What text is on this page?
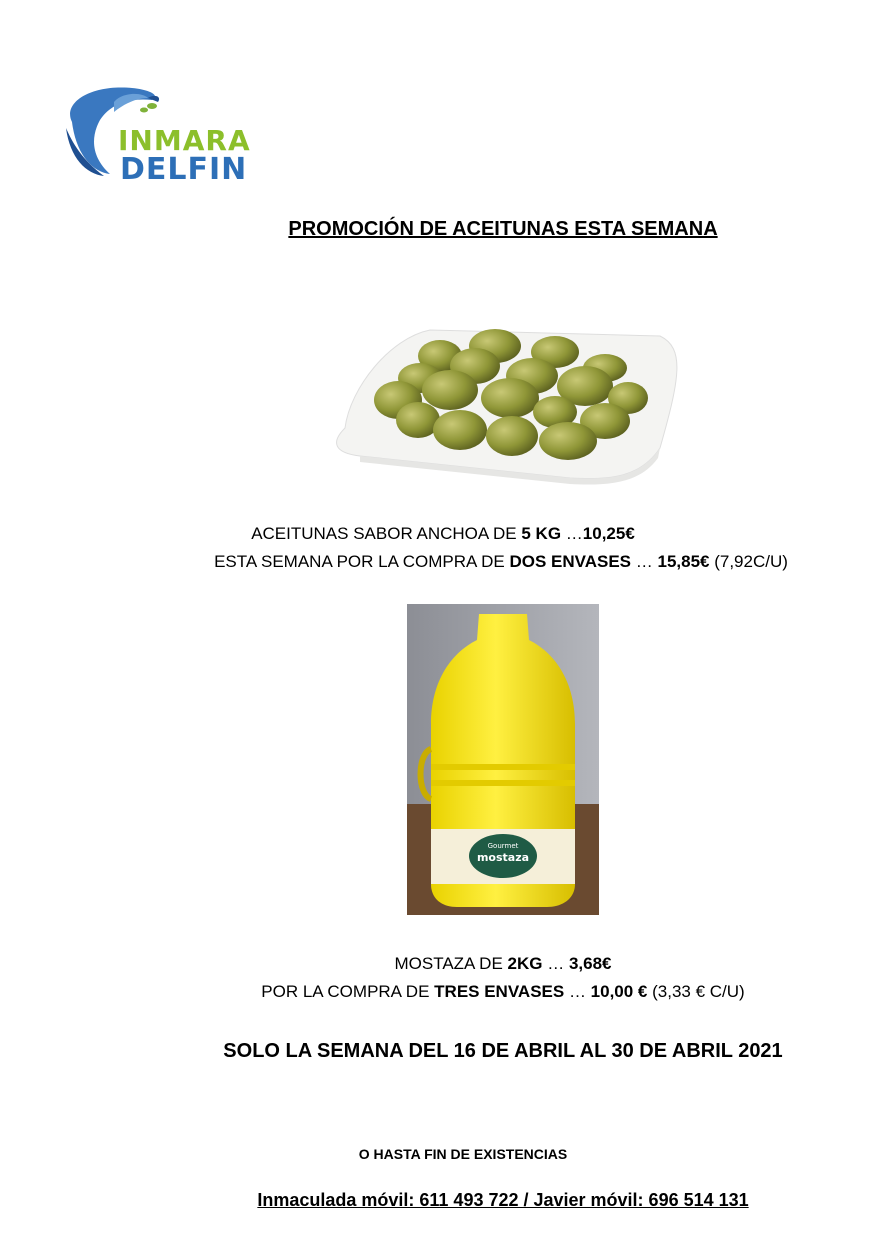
INMARA
DELFIN
PROMOCIÓN DE ACEITUNAS ESTA SEMANA
ACEITUNAS SABOR ANCHOA DE 5 KG …10,25€
ESTA SEMANA POR LA COMPRA DE DOS ENVASES … 15,85€ (7,92C/U)
Gourmet
mostaza
MOSTAZA DE 2KG … 3,68€
POR LA COMPRA DE TRES ENVASES … 10,00 € (3,33 € C/U)
SOLO LA SEMANA DEL 16 DE ABRIL AL 30 DE ABRIL 2021
O HASTA FIN DE EXISTENCIAS
Inmaculada móvil: 611 493 722 / Javier móvil: 696 514 131
